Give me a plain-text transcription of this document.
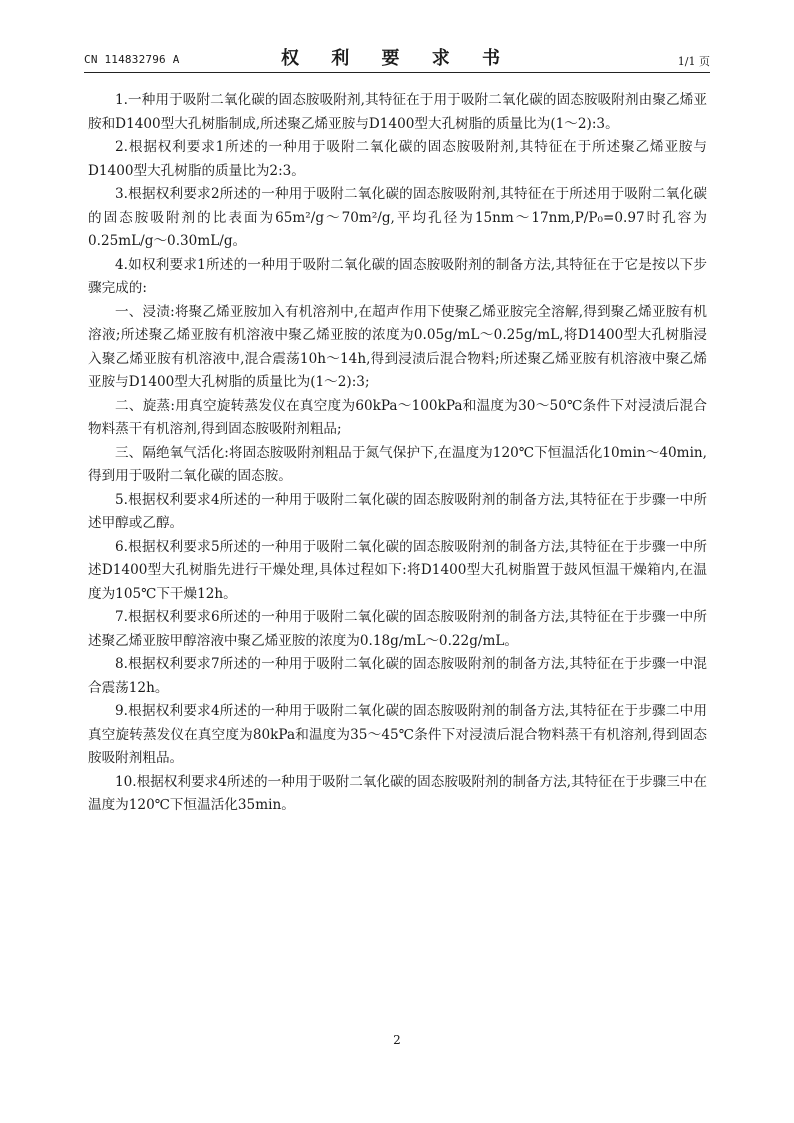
CN 114832796 A	权 利 要 求 书	1/1 页

1.一种用于吸附二氧化碳的固态胺吸附剂,其特征在于用于吸附二氧化碳的固态胺吸附剂由聚乙烯亚胺和D1400型大孔树脂制成,所述聚乙烯亚胺与D1400型大孔树脂的质量比为(1～2):3。

2.根据权利要求1所述的一种用于吸附二氧化碳的固态胺吸附剂,其特征在于所述聚乙烯亚胺与D1400型大孔树脂的质量比为2:3。

3.根据权利要求2所述的一种用于吸附二氧化碳的固态胺吸附剂,其特征在于所述用于吸附二氧化碳的固态胺吸附剂的比表面为65m²/g～70m²/g,平均孔径为15nm～17nm,P/P₀=0.97时孔容为0.25mL/g～0.30mL/g。

4.如权利要求1所述的一种用于吸附二氧化碳的固态胺吸附剂的制备方法,其特征在于它是按以下步骤完成的:

一、浸渍:将聚乙烯亚胺加入有机溶剂中,在超声作用下使聚乙烯亚胺完全溶解,得到聚乙烯亚胺有机溶液;所述聚乙烯亚胺有机溶液中聚乙烯亚胺的浓度为0.05g/mL～0.25g/mL,将D1400型大孔树脂浸入聚乙烯亚胺有机溶液中,混合震荡10h～14h,得到浸渍后混合物料;所述聚乙烯亚胺有机溶液中聚乙烯亚胺与D1400型大孔树脂的质量比为(1～2):3;

二、旋蒸:用真空旋转蒸发仪在真空度为60kPa～100kPa和温度为30～50℃条件下对浸渍后混合物料蒸干有机溶剂,得到固态胺吸附剂粗品;

三、隔绝氧气活化:将固态胺吸附剂粗品于氮气保护下,在温度为120℃下恒温活化10min～40min,得到用于吸附二氧化碳的固态胺。

5.根据权利要求4所述的一种用于吸附二氧化碳的固态胺吸附剂的制备方法,其特征在于步骤一中所述甲醇或乙醇。

6.根据权利要求5所述的一种用于吸附二氧化碳的固态胺吸附剂的制备方法,其特征在于步骤一中所述D1400型大孔树脂先进行干燥处理,具体过程如下:将D1400型大孔树脂置于鼓风恒温干燥箱内,在温度为105℃下干燥12h。

7.根据权利要求6所述的一种用于吸附二氧化碳的固态胺吸附剂的制备方法,其特征在于步骤一中所述聚乙烯亚胺甲醇溶液中聚乙烯亚胺的浓度为0.18g/mL～0.22g/mL。

8.根据权利要求7所述的一种用于吸附二氧化碳的固态胺吸附剂的制备方法,其特征在于步骤一中混合震荡12h。

9.根据权利要求4所述的一种用于吸附二氧化碳的固态胺吸附剂的制备方法,其特征在于步骤二中用真空旋转蒸发仪在真空度为80kPa和温度为35～45℃条件下对浸渍后混合物料蒸干有机溶剂,得到固态胺吸附剂粗品。

10.根据权利要求4所述的一种用于吸附二氧化碳的固态胺吸附剂的制备方法,其特征在于步骤三中在温度为120℃下恒温活化35min。

2
